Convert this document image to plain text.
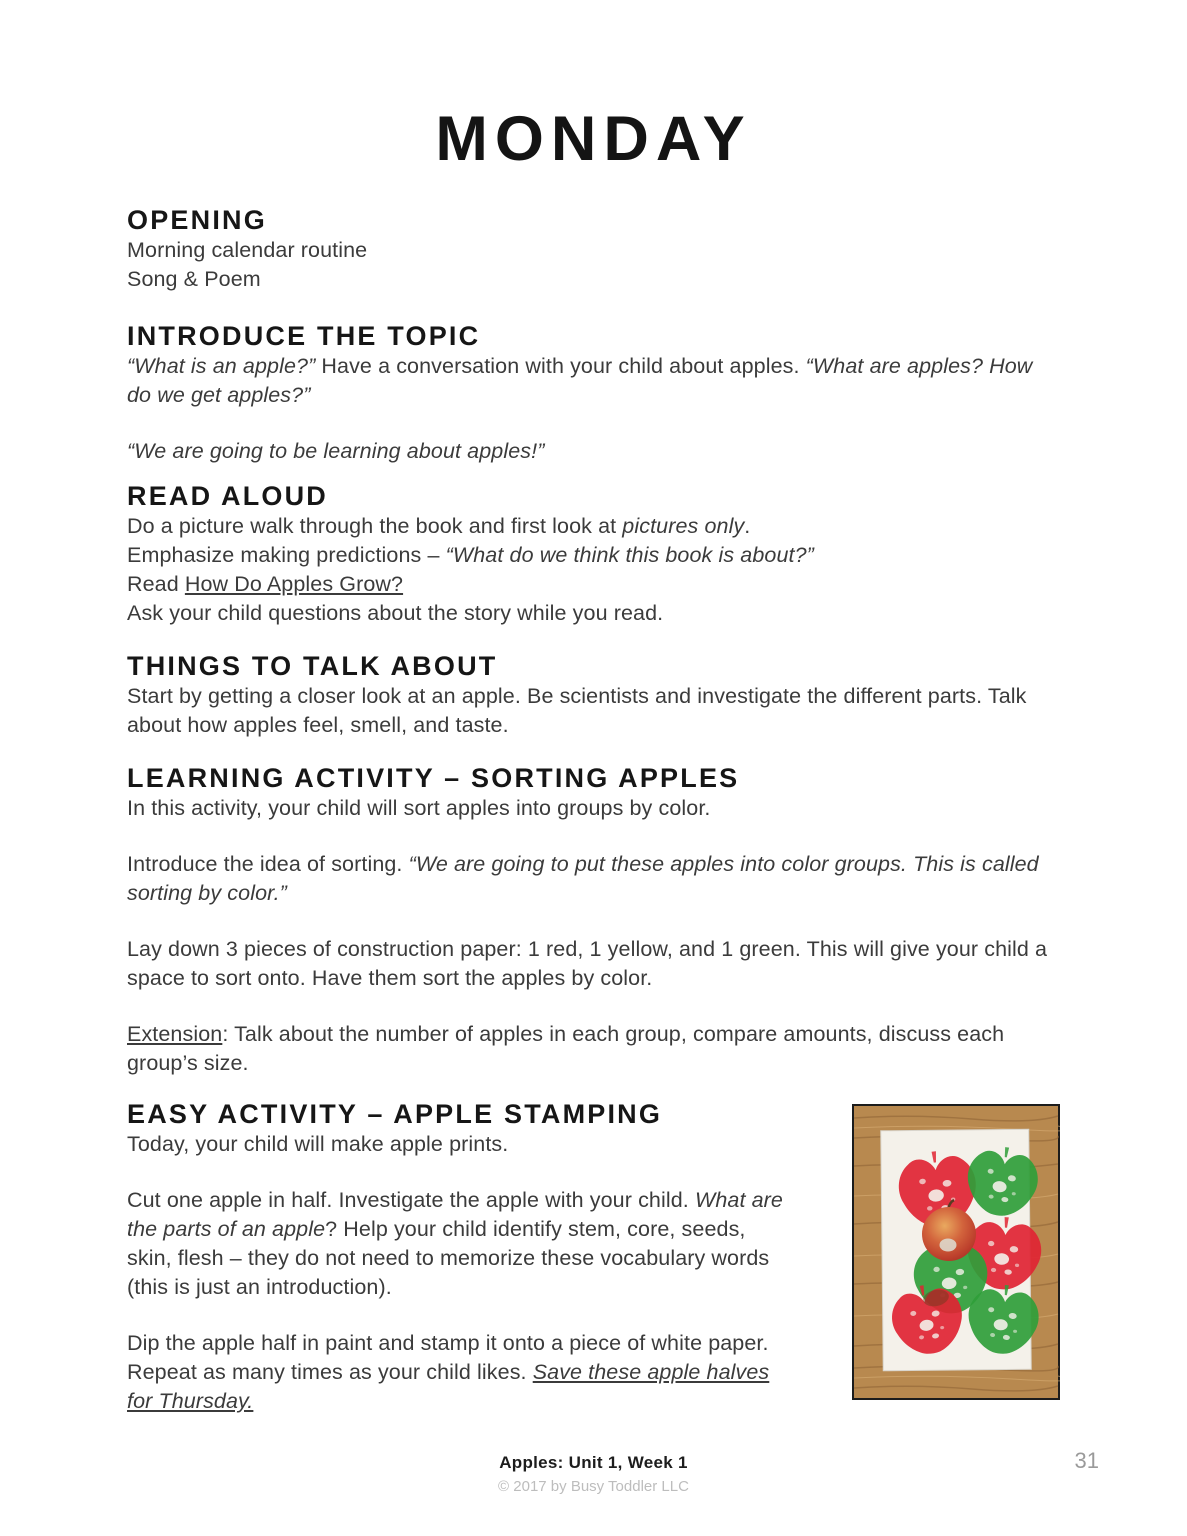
MONDAY
OPENING

Morning calendar routine

Song & Poem

INTRODUCE THE TOPIC

“What is an apple?” Have a conversation with your child about apples. “What are apples? How do we get apples?”

“We are going to be learning about apples!”

READ ALOUD

Do a picture walk through the book and first look at pictures only.

Emphasize making predictions – “What do we think this book is about?”

Read How Do Apples Grow?

Ask your child questions about the story while you read.

THINGS TO TALK ABOUT

Start by getting a closer look at an apple. Be scientists and investigate the different parts. Talk about how apples feel, smell, and taste.

LEARNING ACTIVITY – SORTING APPLES

In this activity, your child will sort apples into groups by color.

Introduce the idea of sorting. “We are going to put these apples into color groups. This is called sorting by color.”

Lay down 3 pieces of construction paper: 1 red, 1 yellow, and 1 green. This will give your child a space to sort onto. Have them sort the apples by color.

Extension: Talk about the number of apples in each group, compare amounts, discuss each group’s size.

EASY ACTIVITY – APPLE STAMPING

Today, your child will make apple prints.

Cut one apple in half. Investigate the apple with your child. What are the parts of an apple? Help your child identify stem, core, seeds, skin, flesh – they do not need to memorize these vocabulary words (this is just an introduction).

Dip the apple half in paint and stamp it onto a piece of white paper. Repeat as many times as your child likes. Save these apple halves for Thursday.

Apples: Unit 1, Week 1
© 2017 by Busy Toddler LLC
31
